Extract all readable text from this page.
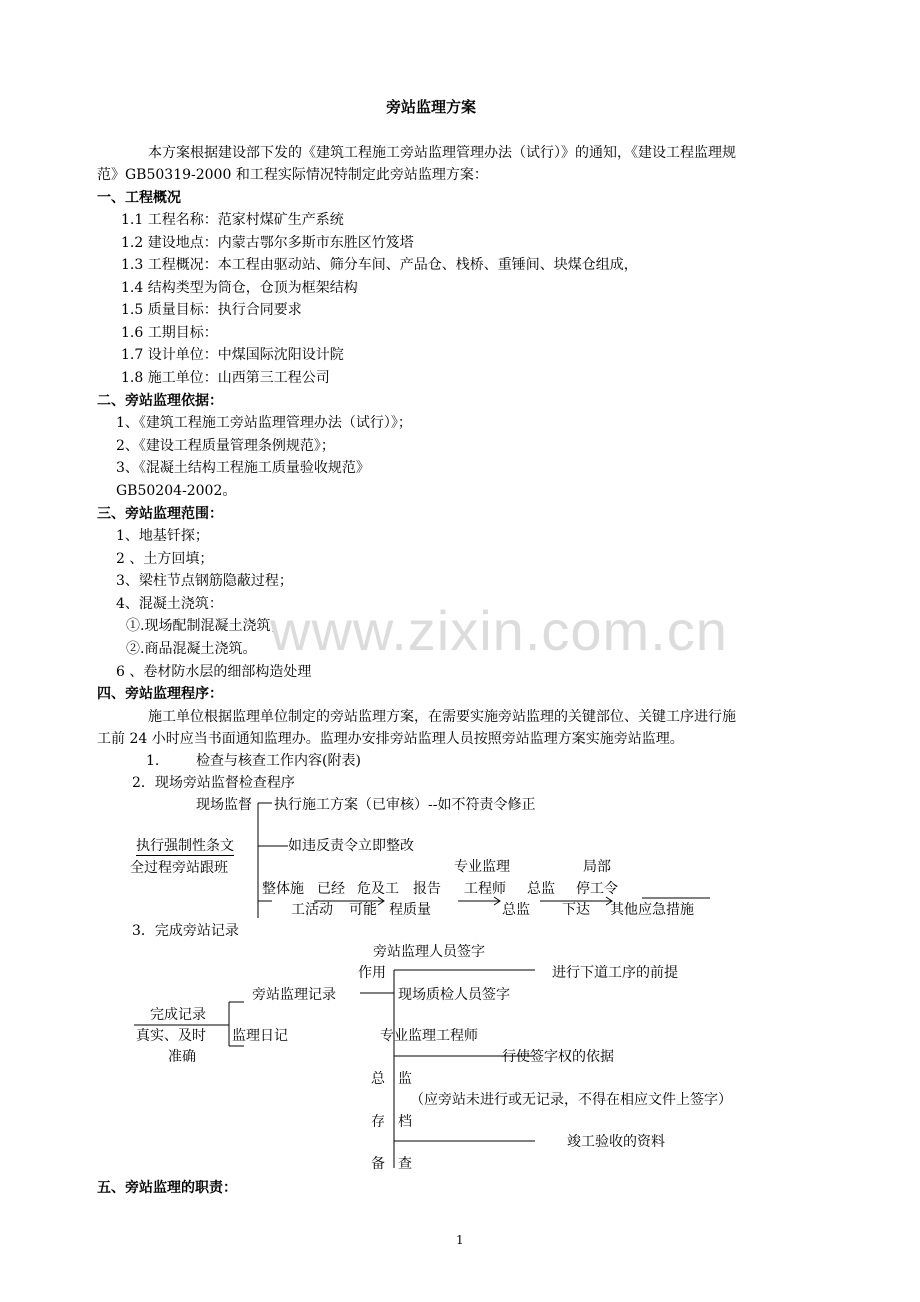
旁站监理方案
本方案根据建设部下发的《建筑工程施工旁站监理管理办法（试行）》的通知，《建设工程监理规
范》GB50319-2000 和工程实际情况特制定此旁站监理方案：
一、工程概况
1.1 工程名称：范家村煤矿生产系统
1.2 建设地点：内蒙古鄂尔多斯市东胜区竹笈塔
1.3 工程概况：本工程由驱动站、筛分车间、产品仓、栈桥、重锤间、块煤仓组成，
1.4 结构类型为筒仓，仓顶为框架结构
1.5 质量目标：执行合同要求
1.6 工期目标：
1.7 设计单位：中煤国际沈阳设计院
1.8 施工单位：山西第三工程公司
二、旁站监理依据：
1、《建筑工程施工旁站监理管理办法（试行）》；
2、《建设工程质量管理条例规范》；
3、《混凝土结构工程施工质量验收规范》
GB50204-2002。
三、旁站监理范围：
1、地基钎探；
2 、土方回填；
3、梁柱节点钢筋隐蔽过程；
4、混凝土浇筑：
①.现场配制混凝土浇筑；
②.商品混凝土浇筑。
6 、卷材防水层的细部构造处理
www.zixin.com.cn
四、旁站监理程序：
施工单位根据监理单位制定的旁站监理方案，在需要实施旁站监理的关键部位、关键工序进行施
工前 24 小时应当书面通知监理办。监理办安排旁站监理人员按照旁站监理方案实施旁站监理。
1.	检查与核查工作内容(附表)
2．现场旁站监督检查程序
现场监督 执行施工方案（已审核）--如不符责令修正
执行强制性条文 ——如违反责令立即整改
全过程旁站跟班	专业监理	局部
整体施 已经 危及工 报告 工程师 总监 停工令
工活动 可能 程质量	总监 下达 其他应急措施
3．完成旁站记录
旁站监理人员签字
作用	进行下道工序的前提
旁站监理记录	现场质检人员签字
完成记录
真实、及时 监理日记	专业监理工程师
准确	行使签字权的依据
总 监
（应旁站未进行或无记录，不得在相应文件上签字）
存 档
竣工验收的资料
备 查
五、旁站监理的职责：
1
